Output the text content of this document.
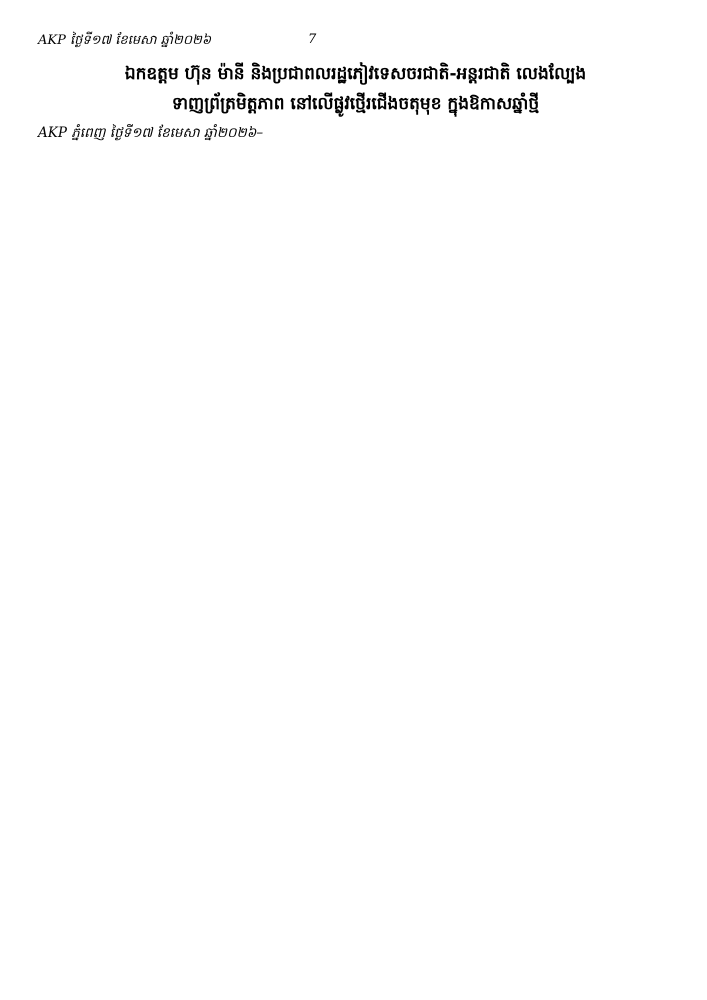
AKP ថ្ងៃទី១៧ ខែមេសា ឆ្នាំ២០២៦	7

ឯកឧត្តម ហ៊ុន ម៉ានី និងប្រជាពលរដ្ឋភៀវទេសចរជាតិ-អន្តរជាតិ លេងល្បែង
ទាញព្រ័ត្រមិត្តភាព នៅលើផ្លូវថ្មើរជើងចតុមុខ ក្នុងឱកាសឆ្នាំថ្មី
AKP ភ្នំពេញ ថ្ងៃទី១៧ ខែមេសា ឆ្នាំ២០២៦–
